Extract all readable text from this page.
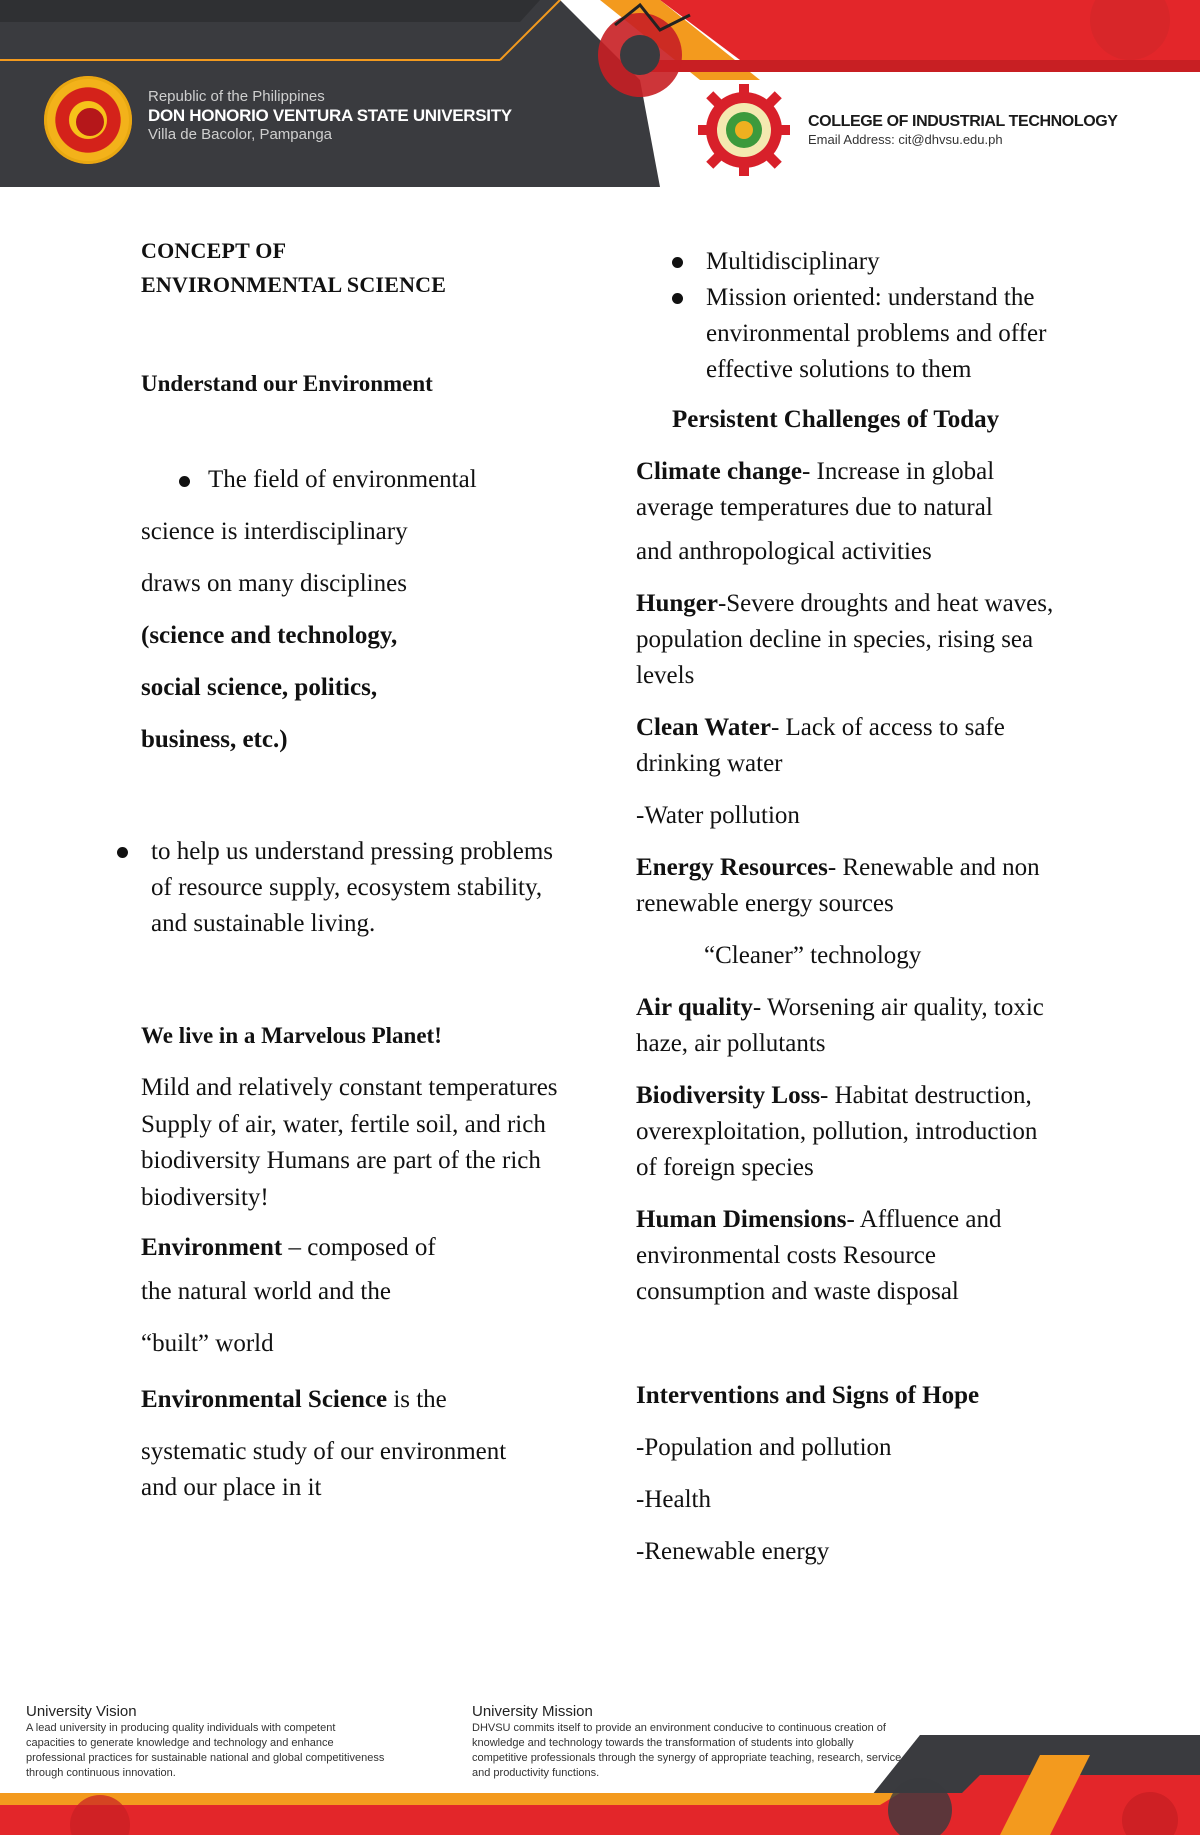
Republic of the Philippines
DON HONORIO VENTURA STATE UNIVERSITY
Villa de Bacolor, Pampanga
COLLEGE OF INDUSTRIAL TECHNOLOGY
Email Address: cit@dhvsu.edu.ph

CONCEPT OF

ENVIRONMENTAL SCIENCE

Understand our Environment

The field of environmental

science is interdisciplinary

draws on many disciplines

(science and technology,

social science, politics,

business, etc.)

to help us understand pressing problems of resource supply, ecosystem stability, and sustainable living.

We live in a Marvelous Planet!

Mild and relatively constant temperatures Supply of air, water, fertile soil, and rich biodiversity Humans are part of the rich biodiversity!

Environment – composed of

the natural world and the

“built” world

Environmental Science is the

systematic study of our environment and our place in it

Multidisciplinary
Mission oriented: understand the environmental problems and offer effective solutions to them

Persistent Challenges of Today

Climate change- Increase in global average temperatures due to natural

and anthropological activities

Hunger-Severe droughts and heat waves, population decline in species, rising sea levels

Clean Water- Lack of access to safe drinking water

-Water pollution

Energy Resources- Renewable and non renewable energy sources

“Cleaner” technology

Air quality- Worsening air quality, toxic haze, air pollutants

Biodiversity Loss- Habitat destruction, overexploitation, pollution, introduction of foreign species

Human Dimensions- Affluence and environmental costs Resource consumption and waste disposal

Interventions and Signs of Hope

-Population and pollution

-Health

-Renewable energy

University Vision
A lead university in producing quality individuals with competent capacities to generate knowledge and technology and enhance professional practices for sustainable national and global competitiveness through continuous innovation.
University Mission
DHVSU commits itself to provide an environment conducive to continuous creation of knowledge and technology towards the transformation of students into globally competitive professionals through the synergy of appropriate teaching, research, service and productivity functions.
